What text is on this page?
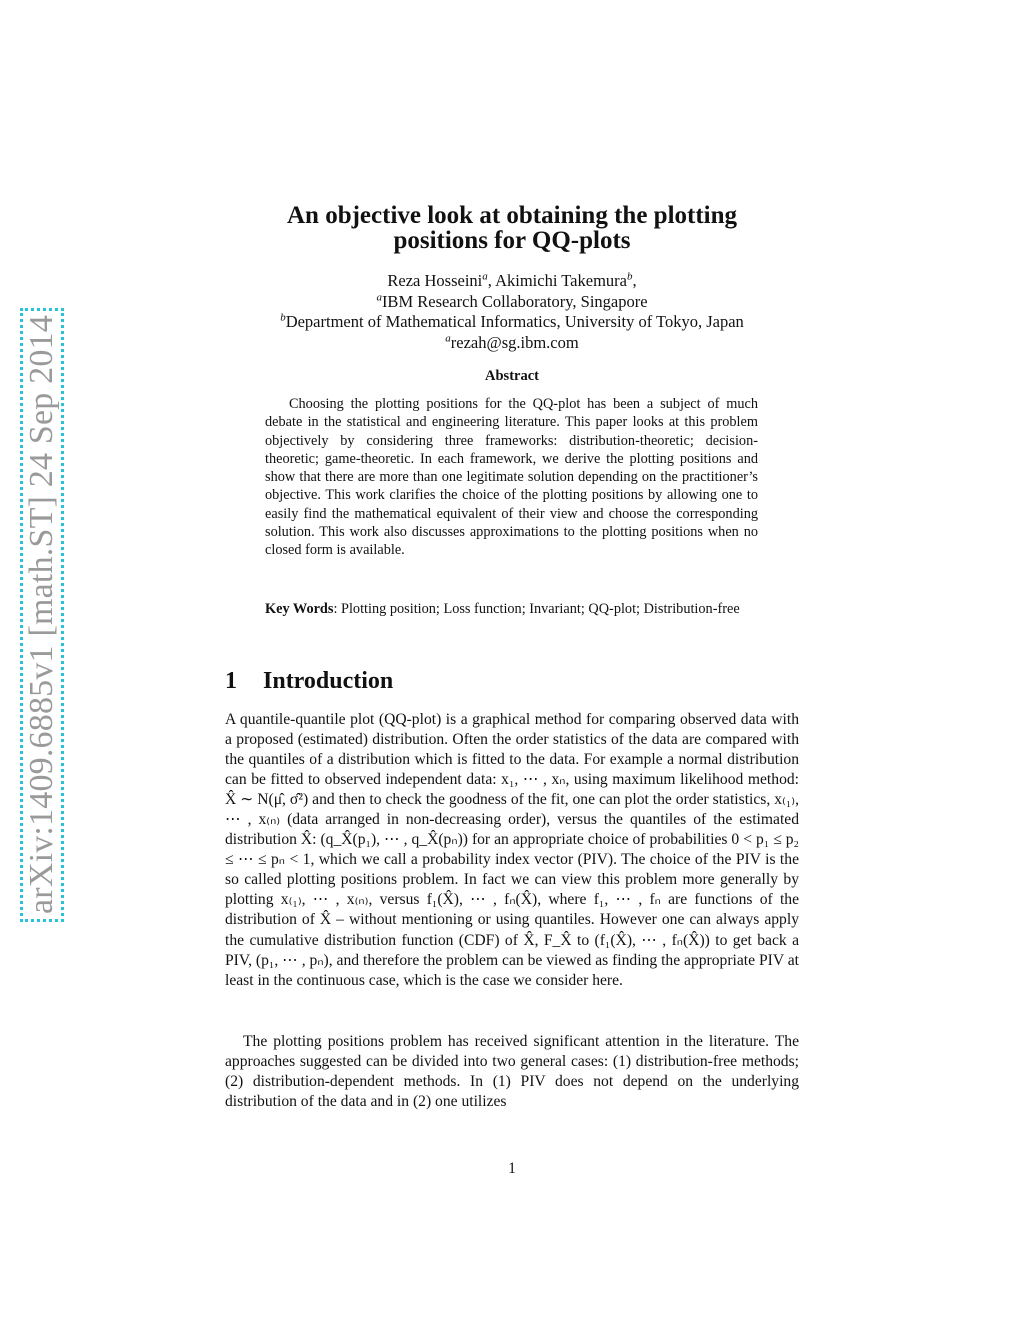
arXiv:1409.6885v1 [math.ST] 24 Sep 2014
An objective look at obtaining the plotting
positions for QQ-plots
Reza Hosseini$^a$, Akimichi Takemura$^b$,
$^a$IBM Research Collaboratory, Singapore
$^b$Department of Mathematical Informatics, University of Tokyo, Japan
$^a$rezah@sg.ibm.com
Abstract
Choosing the plotting positions for the QQ-plot has been a subject of much debate in the statistical and engineering literature. This paper looks at this problem objectively by considering three frameworks: distribution-theoretic; decision-theoretic; game-theoretic. In each framework, we derive the plotting positions and show that there are more than one legitimate solution depending on the practitioner’s objective. This work clarifies the choice of the plotting positions by allowing one to easily find the mathematical equivalent of their view and choose the corresponding solution. This work also discusses approximations to the plotting positions when no closed form is available.
Key Words: Plotting position; Loss function; Invariant; QQ-plot; Distribution-free
1 Introduction
A quantile-quantile plot (QQ-plot) is a graphical method for comparing observed data with a proposed (estimated) distribution. Often the order statistics of the data are compared with the quantiles of a distribution which is fitted to the data. For example a normal distribution can be fitted to observed independent data: x₁, ⋯ , xₙ, using maximum likelihood method: X̂ ∼ N(μ̂, σ̂²) and then to check the goodness of the fit, one can plot the order statistics, x₍₁₎, ⋯ , x₍ₙ₎ (data arranged in non-decreasing order), versus the quantiles of the estimated distribution X̂: (q_X̂(p₁), ⋯ , q_X̂(pₙ)) for an appropriate choice of probabilities 0 < p₁ ≤ p₂ ≤ ⋯ ≤ pₙ < 1, which we call a probability index vector (PIV). The choice of the PIV is the so called plotting positions problem. In fact we can view this problem more generally by plotting x₍₁₎, ⋯ , x₍ₙ₎, versus f₁(X̂), ⋯ , fₙ(X̂), where f₁, ⋯ , fₙ are functions of the distribution of X̂ – without mentioning or using quantiles. However one can always apply the cumulative distribution function (CDF) of X̂, F_X̂ to (f₁(X̂), ⋯ , fₙ(X̂)) to get back a PIV, (p₁, ⋯ , pₙ), and therefore the problem can be viewed as finding the appropriate PIV at least in the continuous case, which is the case we consider here.
The plotting positions problem has received significant attention in the literature. The approaches suggested can be divided into two general cases: (1) distribution-free methods; (2) distribution-dependent methods. In (1) PIV does not depend on the underlying distribution of the data and in (2) one utilizes
1
